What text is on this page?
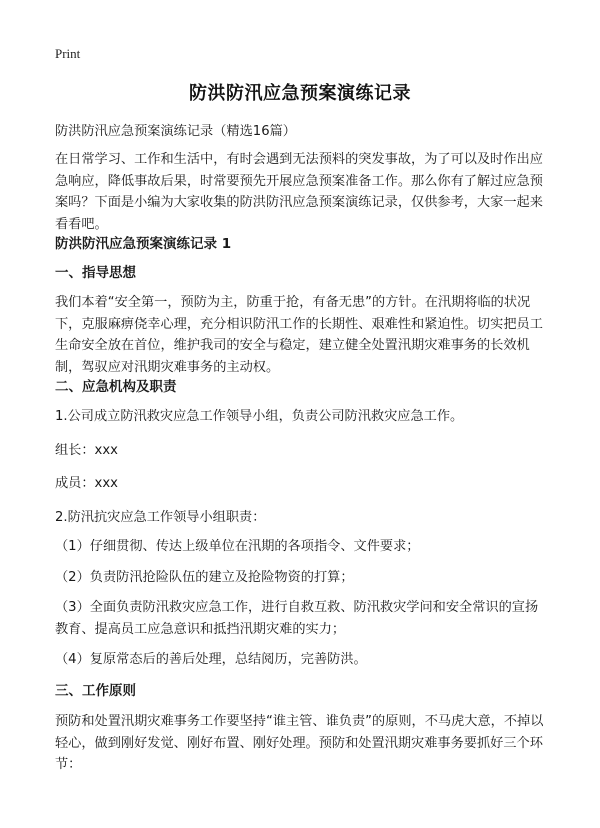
Print
防洪防汛应急预案演练记录
防洪防汛应急预案演练记录（精选16篇）
在日常学习、工作和生活中，有时会遇到无法预料的突发事故，为了可以及时作出应急响应，降低事故后果，时常要预先开展应急预案准备工作。那么你有了解过应急预案吗？下面是小编为大家收集的防洪防汛应急预案演练记录，仅供参考，大家一起来看看吧。
防洪防汛应急预案演练记录 1
一、指导思想
我们本着“安全第一，预防为主，防重于抢，有备无患”的方针。在汛期将临的状况下，克服麻痹侥幸心理，充分相识防汛工作的长期性、艰难性和紧迫性。切实把员工生命安全放在首位，维护我司的安全与稳定，建立健全处置汛期灾难事务的长效机制，驾驭应对汛期灾难事务的主动权。
二、应急机构及职责
1.公司成立防汛救灾应急工作领导小组，负责公司防汛救灾应急工作。
组长：xxx
成员：xxx
2.防汛抗灾应急工作领导小组职责：
（1）仔细贯彻、传达上级单位在汛期的各项指令、文件要求；
（2）负责防汛抢险队伍的建立及抢险物资的打算；
（3）全面负责防汛救灾应急工作，进行自救互救、防汛救灾学问和安全常识的宣扬教育、提高员工应急意识和抵挡汛期灾难的实力；
（4）复原常态后的善后处理，总结阅历，完善防洪。
三、工作原则
预防和处置汛期灾难事务工作要坚持“谁主管、谁负责”的原则，不马虎大意，不掉以轻心，做到刚好发觉、刚好布置、刚好处理。预防和处置汛期灾难事务要抓好三个环节：
